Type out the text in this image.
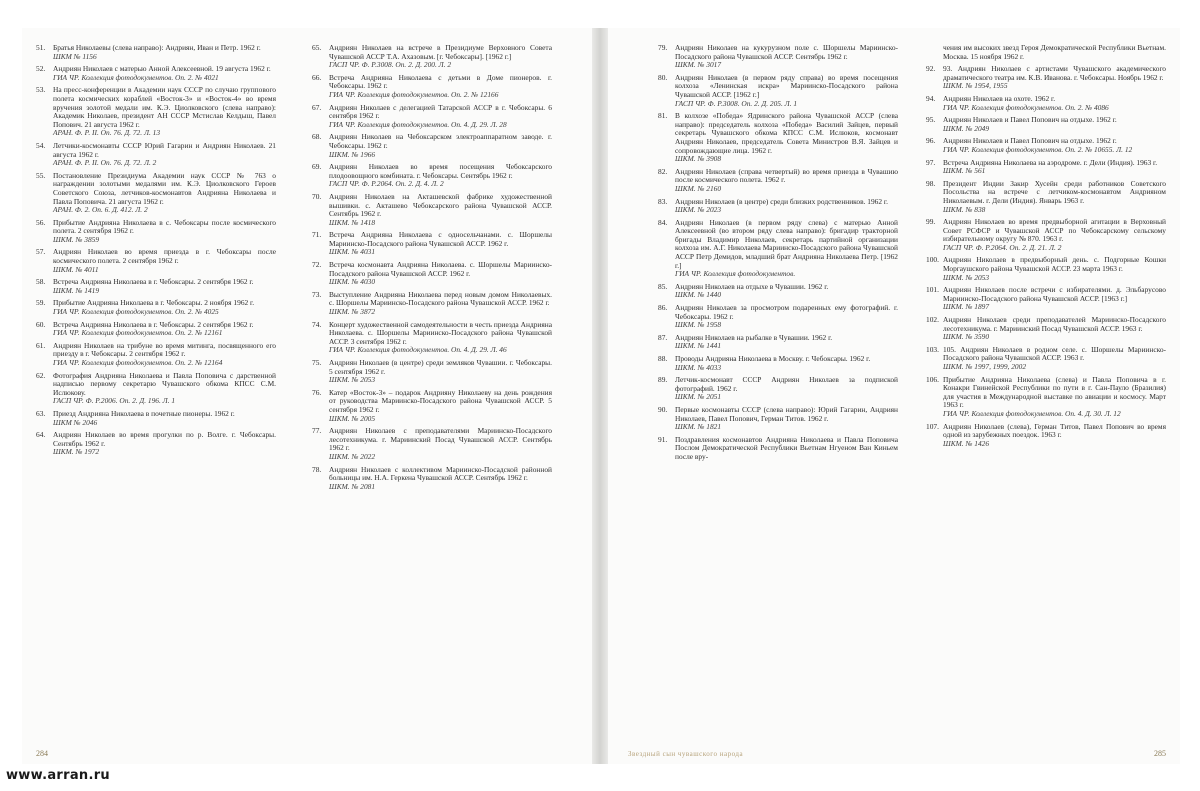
51.	Братья Николаевы (слева направо): Андриян, Иван и Петр. 1962 г.
ШКМ № 1156
52.	Андриян Николаев с матерью Анной Алексеевной. 19 августа 1962 г.
ГИА ЧР. Коллекция фотодокументов. Оп. 2. № 4021
53.	На пресс-конференции в Академии наук СССР по случаю группового полета космических кораблей «Восток-3» и «Восток-4» во время вручения золотой медали им. К.Э. Циолковского (слева направо): Академик Николаев, президент АН СССР Мстислав Келдыш, Павел Попович. 21 августа 1962 г.
АРАН. Ф. Р. II. Оп. 76. Д. 72. Л. 13
54.	Летчики-космонавты СССР Юрий Гагарин и Андриян Николаев. 21 августа 1962 г.
АРАН. Ф. Р. II. Оп. 76. Д. 72. Л. 2
55.	Постановление Президиума Академии наук СССР № 763 о награждении золотыми медалями им. К.Э. Циолковского Героев Советского Союза, летчиков-космонавтов Андрияна Николаева и Павла Поповича. 21 августа 1962 г.
АРАН. Ф. 2. Оп. 6. Д. 412. Л. 2
56.	Прибытие Андрияна Николаева в с. Чебоксары после космического полета. 2 сентября 1962 г.
ШКМ. № 3859
57.	Андриян Николаев во время приезда в г. Чебоксары после космического полета. 2 сентября 1962 г.
ШКМ. № 4011
58.	Встреча Андрияна Николаева в г. Чебоксары. 2 сентября 1962 г.
ШКМ. № 1419
59.	Прибытие Андрияна Николаева в г. Чебоксары. 2 ноября 1962 г.
ГИА ЧР. Коллекция фотодокументов. Оп. 2. № 4025
60.	Встреча Андрияна Николаева в г. Чебоксары. 2 сентября 1962 г.
ГИА ЧР. Коллекция фотодокументов. Оп. 2. № 12161
61.	Андриян Николаев на трибуне во время митинга, посвященного его приезду в г. Чебоксары. 2 сентября 1962 г.
ГИА ЧР. Коллекция фотодокументов. Оп. 2. № 12164
62.	Фотография Андрияна Николаева и Павла Поповича с дарственной надписью первому секретарю Чувашского обкома КПСС С.М. Ислюкову.
ГАСП ЧР. Ф. Р.2006. Оп. 2. Д. 196. Л. 1
63.	Приезд Андрияна Николаева в почетные пионеры. 1962 г.
ШКМ № 2046
64.	Андриян Николаев во время прогулки по р. Волге. г. Чебоксары. Сентябрь 1962 г.
ШКМ. № 1972
65.	Андриян Николаев на встрече в Президиуме Верховного Совета Чувашской АССР Т.А. Ахазовым. [г. Чебоксары]. [1962 г.]
ГАСП ЧР. Ф. Р.3008. Оп. 2. Д. 200. Л. 2
66.	Встреча Андрияна Николаева с детьми в Доме пионеров. г. Чебоксары. 1962 г.
ГИА ЧР. Коллекция фотодокументов. Оп. 2. № 12166
67.	Андриян Николаев с делегацией Татарской АССР в г. Чебоксары. 6 сентября 1962 г.
ГИА ЧР. Коллекция фотодокументов. Оп. 4. Д. 29. Л. 28
68.	Андриян Николаев на Чебоксарском электроаппаратном заводе. г. Чебоксары. 1962 г.
ШКМ. № 1966
69.	Андриян Николаев во время посещения Чебоксарского плодоовощного комбината. г. Чебоксары. Сентябрь 1962 г.
ГАСП ЧР. Ф. Р.2064. Оп. 2. Д. 4. Л. 2
70.	Андриян Николаев на Акташевской фабрике художественной вышивки. с. Акташево Чебоксарского района Чувашской АССР. Сентябрь 1962 г.
ШКМ. № 1418
71.	Встреча Андрияна Николаева с односельчанами. с. Шоршелы Мариинско-Посадского района Чувашской АССР. 1962 г.
ШКМ. № 4031
72.	Встреча космонавта Андрияна Николаева. с. Шоршелы Мариинско-Посадского района Чувашской АССР. 1962 г.
ШКМ. № 4030
73.	Выступление Андрияна Николаева перед новым домом Николаевых. с. Шоршелы Мариинско-Посадского района Чувашской АССР. 1962 г.
ШКМ. № 3872
74.	Концерт художественной самодеятельности в честь приезда Андрияна Николаева. с. Шоршелы Мариинско-Посадского района Чувашской АССР. 3 сентября 1962 г.
ГИА ЧР. Коллекция фотодокументов. Оп. 4. Д. 29. Л. 46
75.	Андриян Николаев (в центре) среди земляков Чувашии. г. Чебоксары. 5 сентября 1962 г.
ШКМ. № 2053
76.	Катер «Восток-3» – подарок Андрияну Николаеву на день рождения от руководства Мариинско-Посадского района Чувашской АССР. 5 сентября 1962 г.
ШКМ. № 2005
77.	Андриян Николаев с преподавателями Мариинско-Посадского лесотехникума. г. Мариинский Посад Чувашской АССР. Сентябрь 1962 г.
ШКМ. № 2022
78.	Андриян Николаев с коллективом Мариинско-Посадской районной больницы им. Н.А. Геркена Чувашской АССР. Сентябрь 1962 г.
ШКМ. № 2081
284
79.	Андриян Николаев на кукурузном поле с. Шоршелы Мариинско-Посадского района Чувашской АССР. Сентябрь 1962 г.
ШКМ. № 3017
80.	Андриян Николаев (в первом ряду справа) во время посещения колхоза «Ленинская искра» Мариинско-Посадского района Чувашской АССР. [1962 г.]
ГАСП ЧР. Ф. Р.3008. Оп. 2. Д. 205. Л. 1
81.	В колхозе «Победа» Ядринского района Чувашской АССР (слева направо): председатель колхоза «Победа» Василий Зайцев, первый секретарь Чувашского обкома КПСС С.М. Ислюков, космонавт Андриян Николаев, председатель Совета Министров В.Я. Зайцев и сопровождающие лица. 1962 г.
ШКМ. № 3908
82.	Андриян Николаев (справа четвертый) во время приезда в Чувашию после космического полета. 1962 г.
ШКМ. № 2160
83.	Андриян Николаев (в центре) среди близких родственников. 1962 г.
ШКМ. № 2023
84.	Андриян Николаев (в первом ряду слева) с матерью Анной Алексеевной (во втором ряду слева направо): бригадир тракторной бригады Владимир Николаев, секретарь партийной организации колхоза им. А.Г. Николаева Мариинско-Посадского района Чувашской АССР Петр Демидов, младший брат Андрияна Николаева Петр. [1962 г.]
ГИА ЧР. Коллекция фотодокументов.
85.	Андриян Николаев на отдыхе в Чувашии. 1962 г.
ШКМ. № 1440
86.	Андриян Николаев за просмотром подаренных ему фотографий. г. Чебоксары. 1962 г.
ШКМ. № 1958
87.	Андриян Николаев на рыбалке в Чувашии. 1962 г.
ШКМ. № 1441
88.	Проводы Андрияна Николаева в Москву. г. Чебоксары. 1962 г.
ШКМ. № 4033
89.	Летчик-космонавт СССР Андриян Николаев за подпиской фотографий. 1962 г.
ШКМ. № 2051
90.	Первые космонавты СССР (слева направо): Юрий Гагарин, Андриян Николаев, Павел Попович, Герман Титов. 1962 г.
ШКМ. № 1821
91.	Поздравления космонавтов Андрияна Николаева и Павла Поповича Послом Демократической Республики Вьетнам Нгуеном Ван Киньем после вру-
чения им высоких звезд Героя Демократической Республики Вьетнам. Москва. 15 ноября 1962 г.
92.	93. Андриян Николаев с артистами Чувашского академического драматического театра им. К.В. Иванова. г. Чебоксары. Ноябрь 1962 г.
ШКМ. № 1954, 1955
94.	Андриян Николаев на охоте. 1962 г.
ГИА ЧР. Коллекция фотодокументов. Оп. 2. № 4086
95.	Андриян Николаев и Павел Попович на отдыхе. 1962 г.
ШКМ. № 2049
96.	Андриян Николаев и Павел Попович на отдыхе. 1962 г.
ГИА ЧР. Коллекция фотодокументов. Оп. 2. № 10655. Л. 12
97.	Встреча Андрияна Николаева на аэродроме. г. Дели (Индия). 1963 г.
ШКМ. № 561
98.	Президент Индии Закир Хусейн среди работников Советского Посольства на встрече с летчиком-космонавтом Андрияном Николаевым. г. Дели (Индия). Январь 1963 г.
ШКМ. № 838
99.	Андриян Николаев во время предвыборной агитации в Верховный Совет РСФСР и Чувашской АССР по Чебоксарскому сельскому избирательному округу № 870. 1963 г.
ГАСП ЧР. Ф. Р.2064. Оп. 2. Д. 21. Л. 2
100. Андриян Николаев в предвыборный день. с. Подгорные Кошки Моргаушского района Чувашской АССР. 23 марта 1963 г.
ШКМ. № 2053
101. Андриян Николаев после встречи с избирателями. д. Эльбарусово Мариинско-Посадского района Чувашской АССР. [1963 г.]
ШКМ. № 1897
102. Андриян Николаев среди преподавателей Мариинско-Посадского лесотехникума. г. Мариинский Посад Чувашской АССР. 1963 г.
ШКМ. № 3590
103. 105. Андриян Николаев в родном селе. с. Шоршелы Мариинско-Посадского района Чувашской АССР. 1963 г.
ШКМ. № 1997, 1999, 2002
106. Прибытие Андрияна Николаева (слева) и Павла Поповича в г. Конакри Гвинейской Республики по пути в г. Сан-Пауло (Бразилия) для участия в Международной выставке по авиации и космосу. Март 1963 г.
ГИА ЧР. Коллекция фотодокументов. Оп. 4. Д. 30. Л. 12
107. Андриян Николаев (слева), Герман Титов, Павел Попович во время одной из зарубежных поездок. 1963 г.
ШКМ. № 1426
Звездный сын чувашского народа	285
www.arran.ru
